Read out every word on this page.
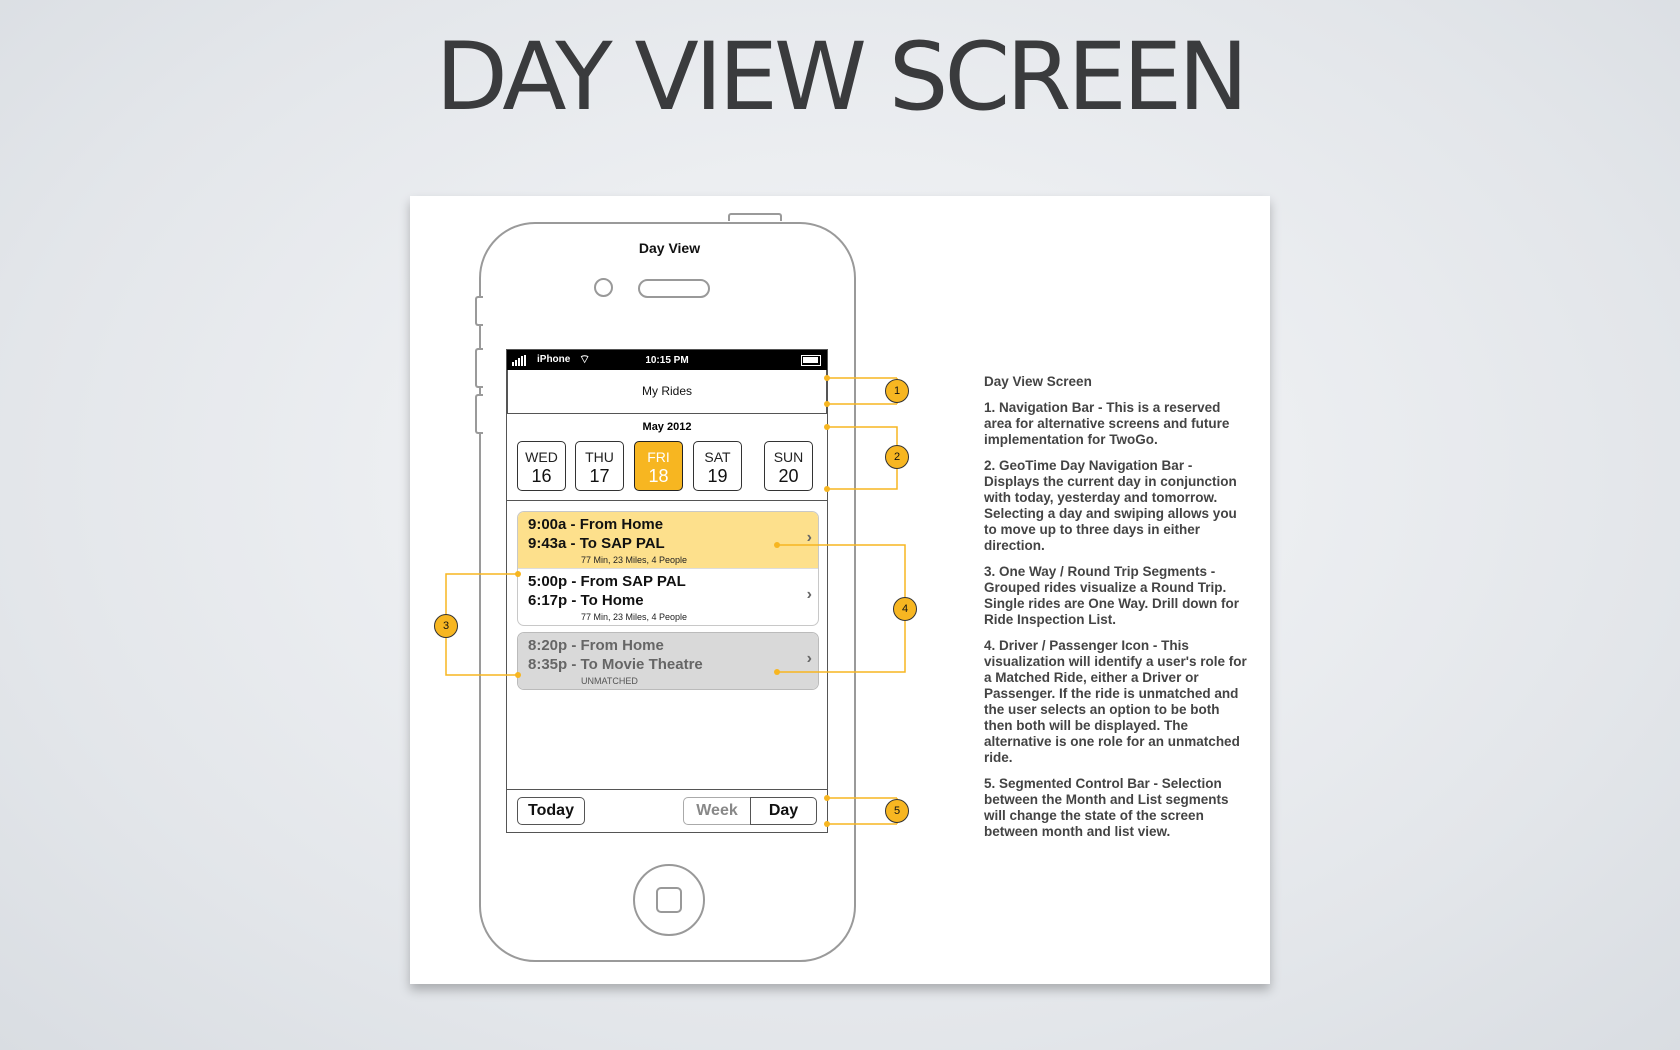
DAY VIEW SCREEN
Day View
iPhone ⌔	10:15 PM
My Rides
May 2012
WED
16
THU
17
FRI
18
SAT
19
SUN
20
9:00a - From Home
9:43a - To SAP PAL
77 Min, 23 Miles, 4 People
›
5:00p - From SAP PAL
6:17p - To Home
77 Min, 23 Miles, 4 People
›
8:20p - From Home
8:35p - To Movie Theatre
UNMATCHED
›
Today	Week	Day
1
2
3
4
5

Day View Screen

1. Navigation Bar - This is a reserved area for alternative screens and future implementation for TwoGo.

2. GeoTime Day Navigation Bar - Displays the current day in conjunction with today, yesterday and tomorrow. Selecting a day and swiping allows you to move up to three days in either direction.

3. One Way / Round Trip Segments - Grouped rides visualize a Round Trip. Single rides are One Way. Drill down for Ride Inspection List.

4. Driver / Passenger Icon - This visualization will identify a user's role for a Matched Ride, either a Driver or Passenger. If the ride is unmatched and the user selects an option to be both then both will be displayed. The alternative is one role for an unmatched ride.

5. Segmented Control Bar - Selection between the Month and List segments will change the state of the screen between month and list view.
